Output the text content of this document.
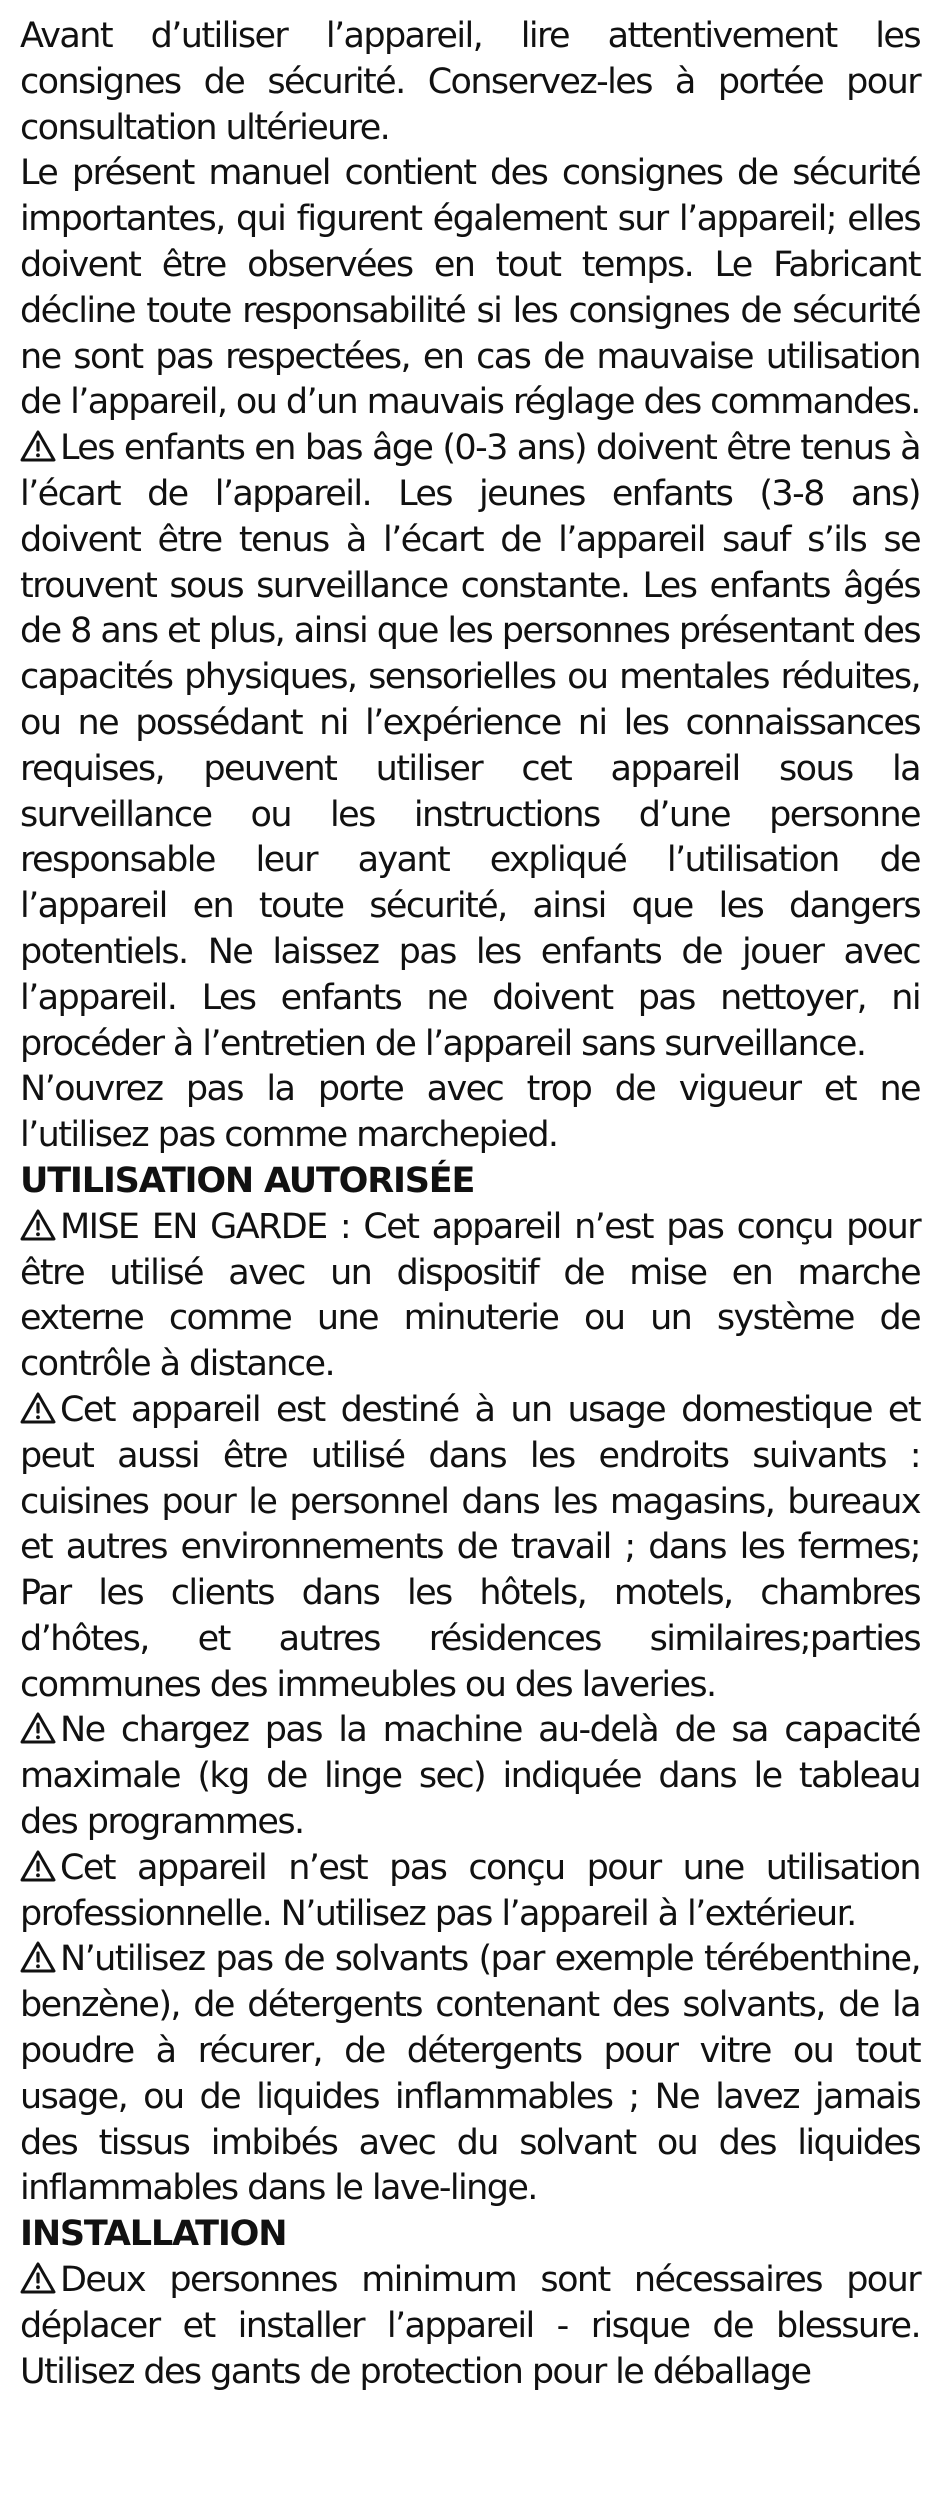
Avant d’utiliser l’appareil, lire attentivement les consignes de sécurité. Conservez-les à portée pour consultation ultérieure.

Le présent manuel contient des consignes de sécurité importantes, qui figurent également sur l’appareil; elles doivent être observées en tout temps. Le Fabricant décline toute responsabilité si les consignes de sécurité ne sont pas respectées, en cas de mauvaise utilisation de l’appareil, ou d’un mauvais réglage des commandes.

Les enfants en bas âge (0-3 ans) doivent être tenus à l’écart de l’appareil. Les jeunes enfants (3-8 ans) doivent être tenus à l’écart de l’appareil sauf s’ils se trouvent sous surveillance constante. Les enfants âgés de 8 ans et plus, ainsi que les personnes présentant des capacités physiques, sensorielles ou mentales réduites, ou ne possédant ni l’expérience ni les connaissances requises, peuvent utiliser cet appareil sous la surveillance ou les instructions d’une personne responsable leur ayant expliqué l’utilisation de l’appareil en toute sécurité, ainsi que les dangers potentiels. Ne laissez pas les enfants de jouer avec l’appareil. Les enfants ne doivent pas nettoyer, ni procéder à l’entretien de l’appareil sans surveillance.

N’ouvrez pas la porte avec trop de vigueur et ne l’utilisez pas comme marchepied.

UTILISATION AUTORISÉE

MISE EN GARDE : Cet appareil n’est pas conçu pour être utilisé avec un dispositif de mise en marche externe comme une minuterie ou un système de contrôle à distance.

Cet appareil est destiné à un usage domestique et peut aussi être utilisé dans les endroits suivants : cuisines pour le personnel dans les magasins, bureaux et autres environnements de travail ; dans les fermes; Par les clients dans les hôtels, motels, chambres d’hôtes, et autres résidences similaires;parties communes des immeubles ou des laveries.

Ne chargez pas la machine au-delà de sa capacité maximale (kg de linge sec) indiquée dans le tableau des programmes.

Cet appareil n’est pas conçu pour une utilisation professionnelle. N’utilisez pas l’appareil à l’extérieur.

N’utilisez pas de solvants (par exemple térébenthine, benzène), de détergents contenant des solvants, de la poudre à récurer, de détergents pour vitre ou tout usage, ou de liquides inflammables ; Ne lavez jamais des tissus imbibés avec du solvant ou des liquides inflammables dans le lave-linge.

INSTALLATION

Deux personnes minimum sont nécessaires pour déplacer et installer l’appareil - risque de blessure. Utilisez des gants de protection pour le déballage
